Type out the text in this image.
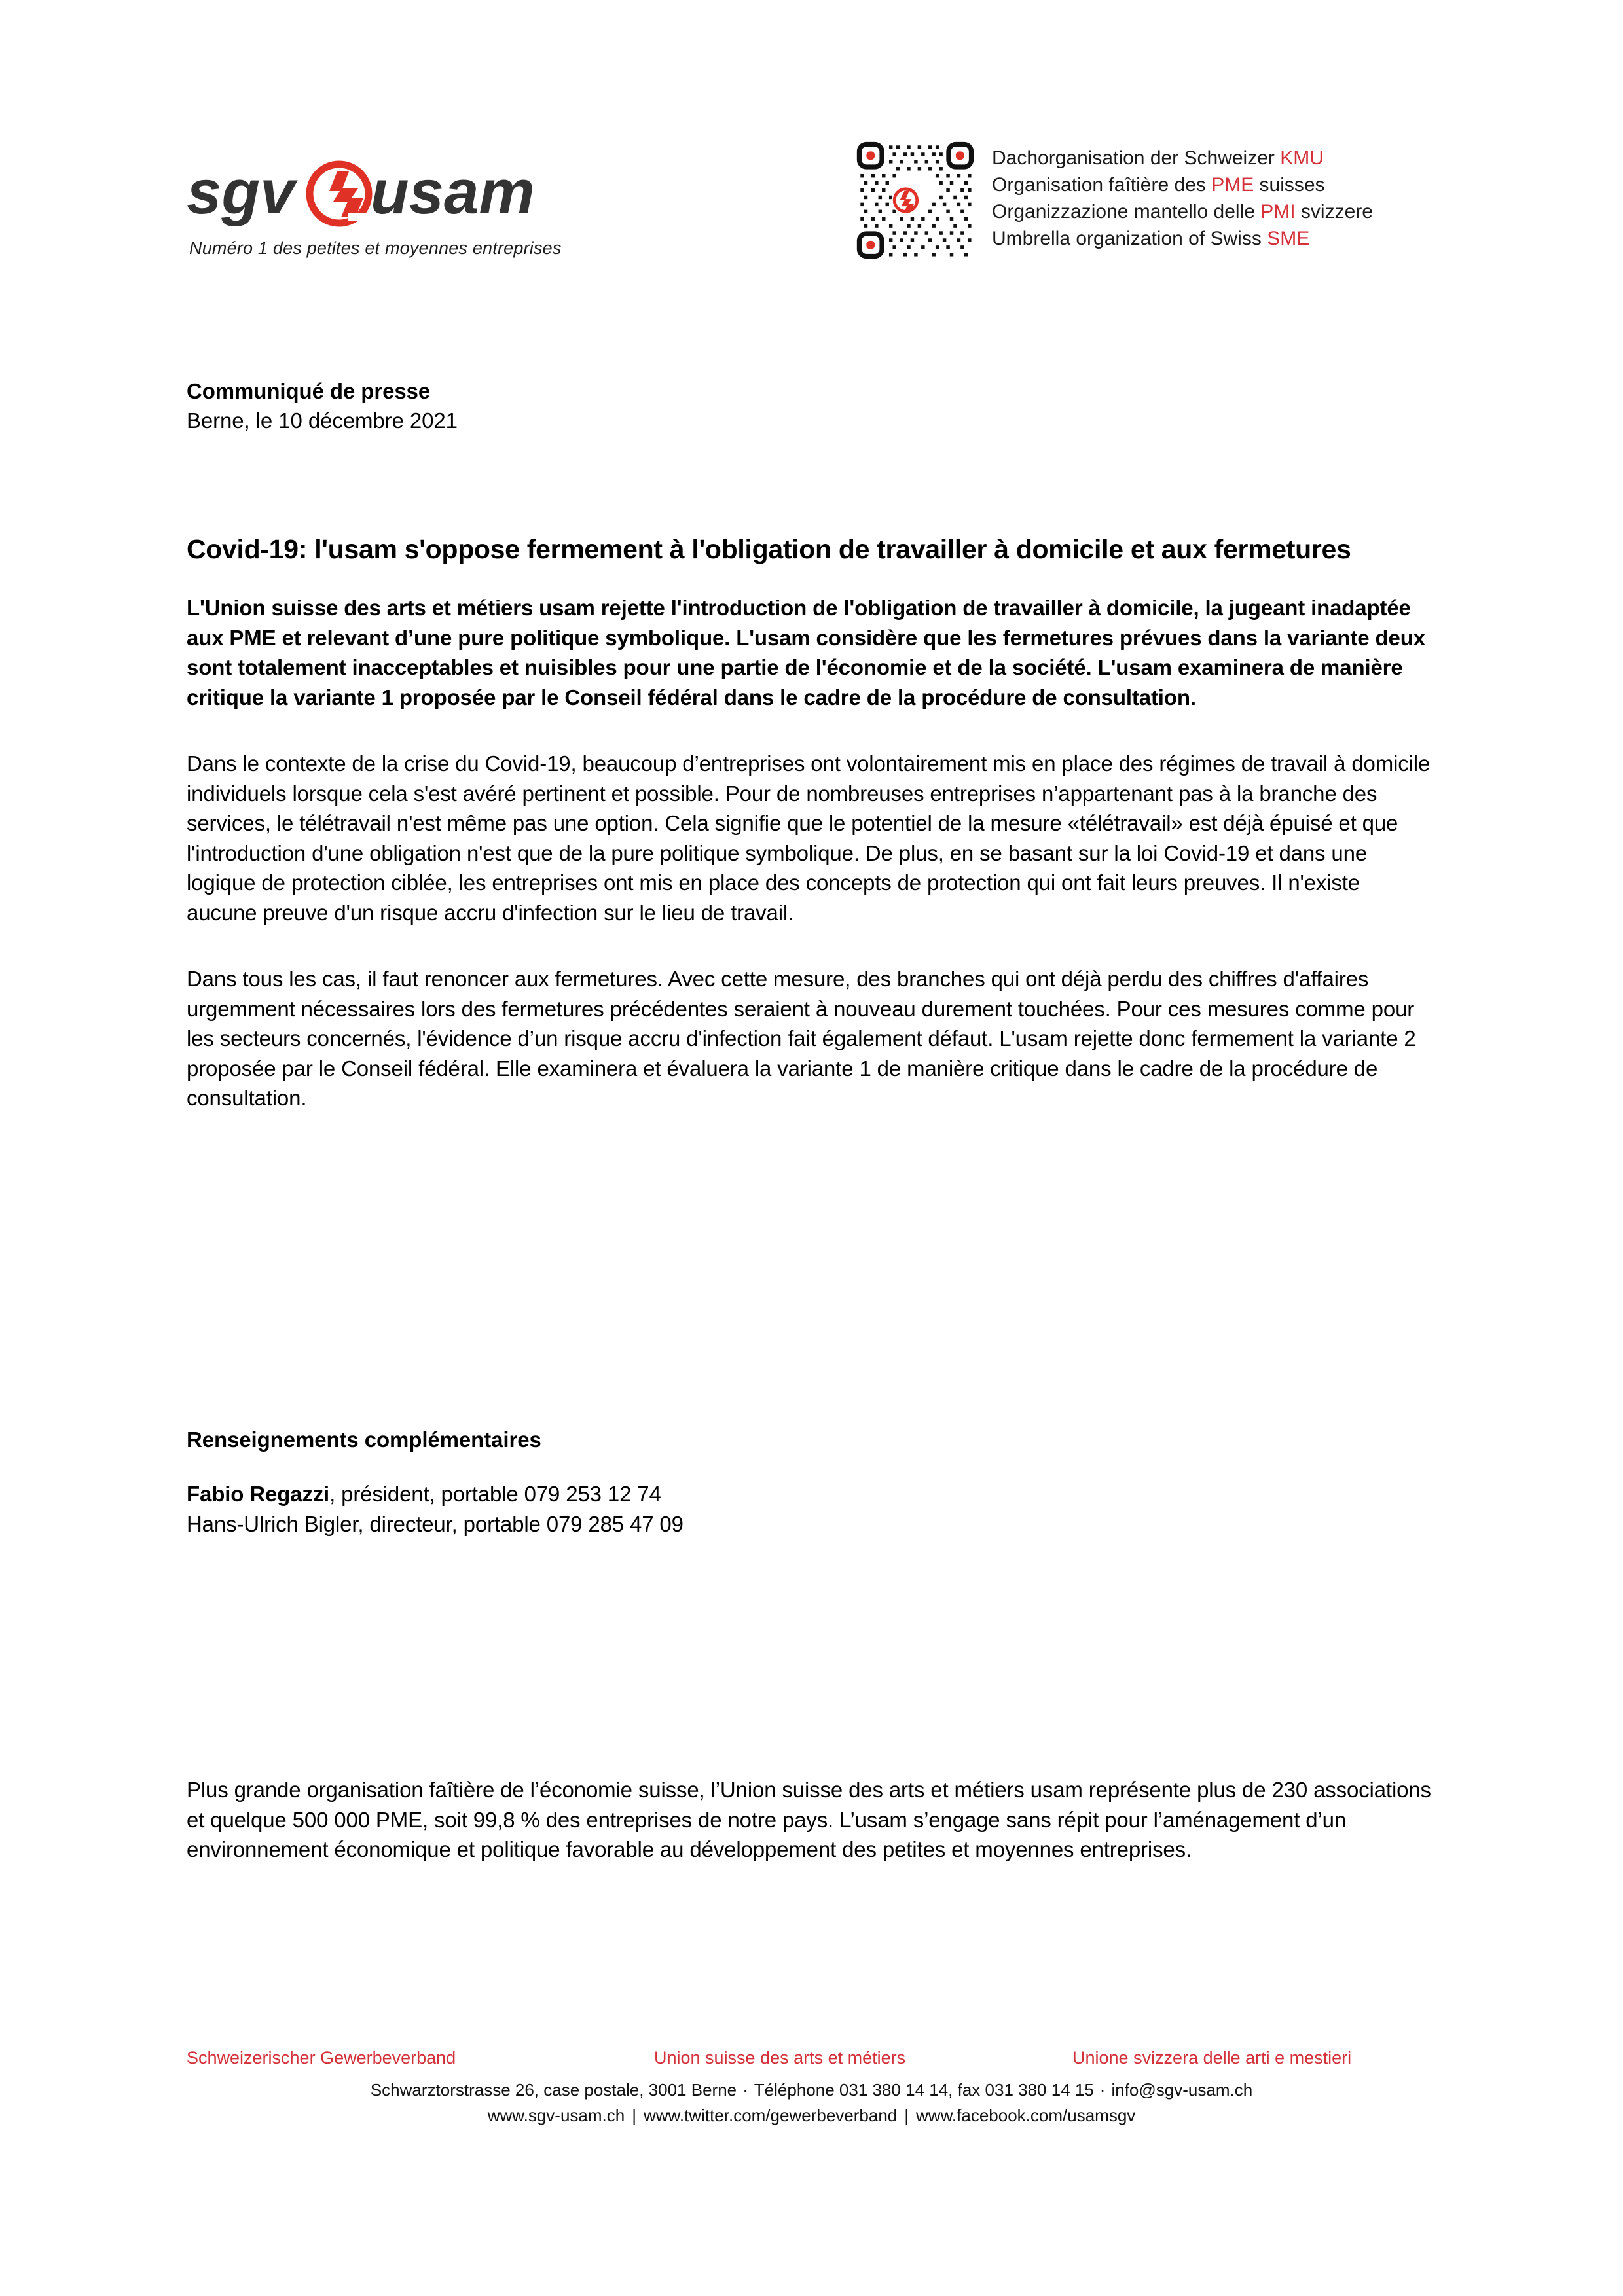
sgv usam
Numéro 1 des petites et moyennes entreprises
Dachorganisation der Schweizer KMU
Organisation faîtière des PME suisses
Organizzazione mantello delle PMI svizzere
Umbrella organization of Swiss SME
Communiqué de presse
Berne, le 10 décembre 2021
Covid-19: l'usam s'oppose fermement à l'obligation de travailler à domicile et aux fermetures

L'Union suisse des arts et métiers usam rejette l'introduction de l'obligation de travailler à domicile, la jugeant inadaptée aux PME et relevant d’une pure politique symbolique. L'usam considère que les fermetures prévues dans la variante deux sont totalement inacceptables et nuisibles pour une partie de l'économie et de la société. L'usam examinera de manière critique la variante 1 proposée par le Conseil fédéral dans le cadre de la procédure de consultation.

Dans le contexte de la crise du Covid-19, beaucoup d’entreprises ont volontairement mis en place des régimes de travail à domicile individuels lorsque cela s'est avéré pertinent et possible. Pour de nombreuses entreprises n’appartenant pas à la branche des services, le télétravail n'est même pas une option. Cela signifie que le potentiel de la mesure «télétravail» est déjà épuisé et que l'introduction d'une obligation n'est que de la pure politique symbolique. De plus, en se basant sur la loi Covid-19 et dans une logique de protection ciblée, les entreprises ont mis en place des concepts de protection qui ont fait leurs preuves. Il n'existe aucune preuve d'un risque accru d'infection sur le lieu de travail.

Dans tous les cas, il faut renoncer aux fermetures. Avec cette mesure, des branches qui ont déjà perdu des chiffres d'affaires urgemment nécessaires lors des fermetures précédentes seraient à nouveau durement touchées. Pour ces mesures comme pour les secteurs concernés, l'évidence d’un risque accru d'infection fait également défaut. L'usam rejette donc fermement la variante 2 proposée par le Conseil fédéral. Elle examinera et évaluera la variante 1 de manière critique dans le cadre de la procédure de consultation.

Renseignements complémentaires
Fabio Regazzi, président, portable 079 253 12 74
Hans-Ulrich Bigler, directeur, portable 079 285 47 09

Plus grande organisation faîtière de l’économie suisse, l’Union suisse des arts et métiers usam représente plus de 230 associations et quelque 500 000 PME, soit 99,8 % des entreprises de notre pays. L’usam s’engage sans répit pour l’aménagement d’un environnement économique et politique favorable au développement des petites et moyennes entreprises.

Schweizerischer Gewerbeverband	Union suisse des arts et métiers	Unione svizzera delle arti e mestieri
Schwarztorstrasse 26, case postale, 3001 Berne · Téléphone 031 380 14 14, fax 031 380 14 15 · info@sgv-usam.ch
www.sgv-usam.ch | www.twitter.com/gewerbeverband | www.facebook.com/usamsgv
